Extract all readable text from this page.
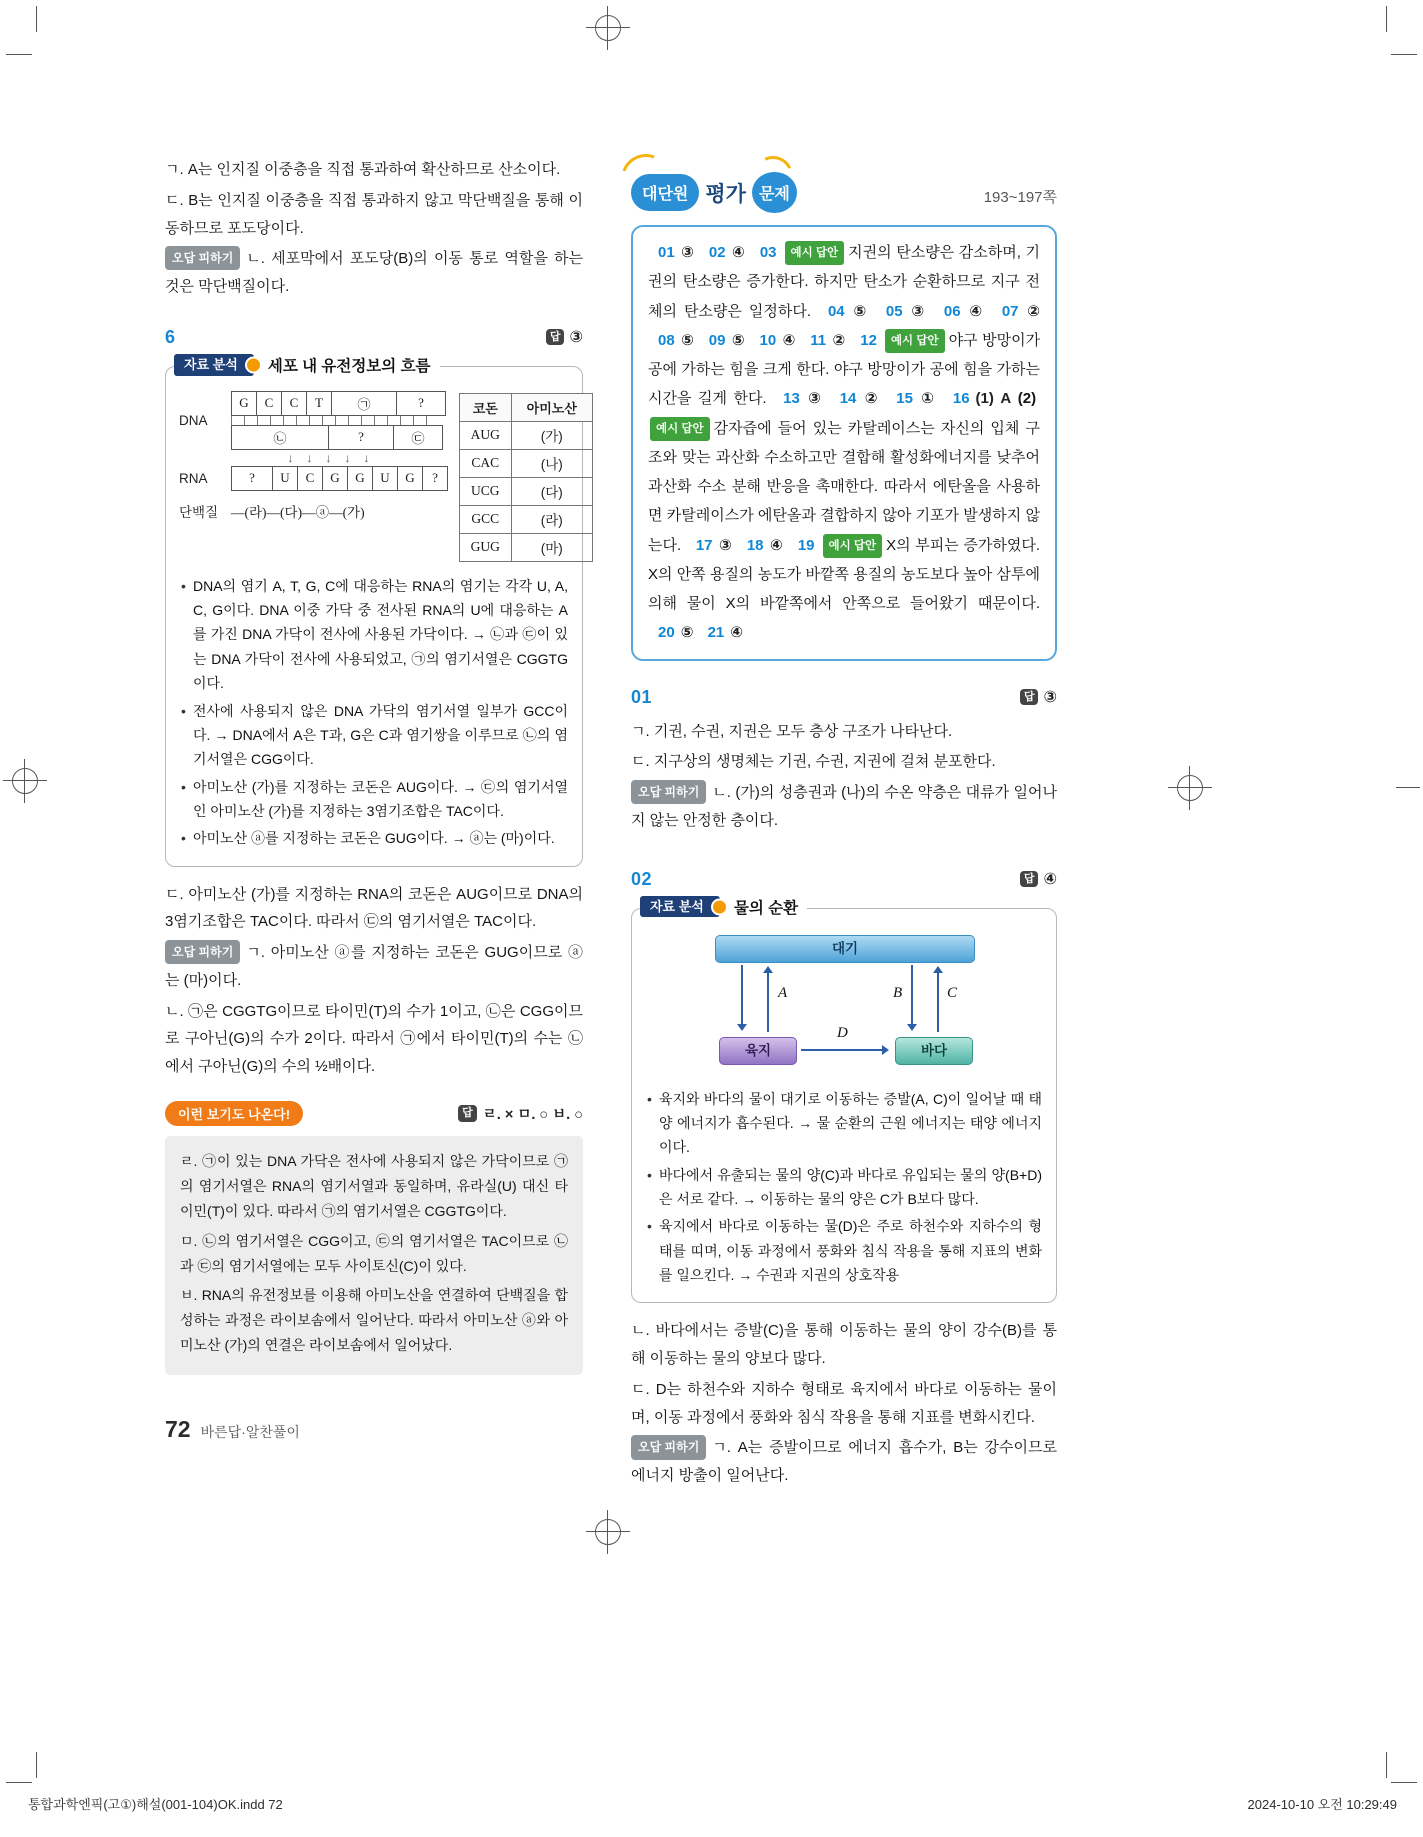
ㄱ. A는 인지질 이중층을 직접 통과하여 확산하므로 산소이다.

ㄷ. B는 인지질 이중층을 직접 통과하지 않고 막단백질을 통해 이동하므로 포도당이다.

오답 피하기 ㄴ. 세포막에서 포도당(B)의 이동 통로 역할을 하는 것은 막단백질이다.

6	답 ③
자료 분석	세포 내 유전정보의 흐름
DNA
G	C	C	T	㉠	?
㉡	?	㉢
↓↓↓↓↓
RNA	?	U	C	G	G	U	G	?
단백질 —(라)—(다)—ⓐ—(가)
코돈	아미노산
AUG	(가)
CAC	(나)
UCG	(다)
GCC	(라)
GUG	(마)
• DNA의 염기 A, T, G, C에 대응하는 RNA의 염기는 각각 U, A, C, G이다. DNA 이중 가닥 중 전사된 RNA의 U에 대응하는 A를 가진 DNA 가닥이 전사에 사용된 가닥이다. → ㉡과 ㉢이 있는 DNA 가닥이 전사에 사용되었고, ㉠의 염기서열은 CGGTG이다.
• 전사에 사용되지 않은 DNA 가닥의 염기서열 일부가 GCC이다. → DNA에서 A은 T과, G은 C과 염기쌍을 이루므로 ㉡의 염기서열은 CGG이다.
• 아미노산 (가)를 지정하는 코돈은 AUG이다. → ㉢의 염기서열인 아미노산 (가)를 지정하는 3염기조합은 TAC이다.
• 아미노산 ⓐ를 지정하는 코돈은 GUG이다. → ⓐ는 (마)이다.

ㄷ. 아미노산 (가)를 지정하는 RNA의 코돈은 AUG이므로 DNA의 3염기조합은 TAC이다. 따라서 ㉢의 염기서열은 TAC이다.

오답 피하기 ㄱ. 아미노산 ⓐ를 지정하는 코돈은 GUG이므로 ⓐ는 (마)이다.

ㄴ. ㉠은 CGGTG이므로 타이민(T)의 수가 1이고, ㉡은 CGG이므로 구아닌(G)의 수가 2이다. 따라서 ㉠에서 타이민(T)의 수는 ㉡에서 구아닌(G)의 수의 ½배이다.

이런 보기도 나온다!	답 ㄹ. × ㅁ. ○ ㅂ. ○

ㄹ. ㉠이 있는 DNA 가닥은 전사에 사용되지 않은 가닥이므로 ㉠의 염기서열은 RNA의 염기서열과 동일하며, 유라실(U) 대신 타이민(T)이 있다. 따라서 ㉠의 염기서열은 CGGTG이다.

ㅁ. ㉡의 염기서열은 CGG이고, ㉢의 염기서열은 TAC이므로 ㉡과 ㉢의 염기서열에는 모두 사이토신(C)이 있다.

ㅂ. RNA의 유전정보를 이용해 아미노산을 연결하여 단백질을 합성하는 과정은 라이보솜에서 일어난다. 따라서 아미노산 ⓐ와 아미노산 (가)의 연결은 라이보솜에서 일어났다.

대단원 평가 문제	193~197쪽
01 ③ 02 ④ 03 예시 답안 지권의 탄소량은 감소하며, 기권의 탄소량은 증가한다. 하지만 탄소가 순환하므로 지구 전체의 탄소량은 일정하다. 04 ⑤ 05 ③ 06 ④ 07 ② 08 ⑤ 09 ⑤ 10 ④ 11 ② 12 예시 답안 야구 방망이가 공에 가하는 힘을 크게 한다. 야구 방망이가 공에 힘을 가하는 시간을 길게 한다. 13 ③ 14 ② 15 ① 16 (1) A (2)예시 답안 감자즙에 들어 있는 카탈레이스는 자신의 입체 구조와 맞는 과산화 수소하고만 결합해 활성화에너지를 낮추어 과산화 수소 분해 반응을 촉매한다. 따라서 에탄올을 사용하면 카탈레이스가 에탄올과 결합하지 않아 기포가 발생하지 않는다. 17 ③ 18 ④ 19 예시 답안 X의 부피는 증가하였다. X의 안쪽 용질의 농도가 바깥쪽 용질의 농도보다 높아 삼투에 의해 물이 X의 바깥쪽에서 안쪽으로 들어왔기 때문이다. 20 ⑤ 21 ④
01	답 ③

ㄱ. 기권, 수권, 지권은 모두 층상 구조가 나타난다.

ㄷ. 지구상의 생명체는 기권, 수권, 지권에 걸쳐 분포한다.

오답 피하기 ㄴ. (가)의 성층권과 (나)의 수온 약층은 대류가 일어나지 않는 안정한 층이다.

02	답 ④
자료 분석	물의 순환
대기
A	B	C
육지	바다
D
• 육지와 바다의 물이 대기로 이동하는 증발(A, C)이 일어날 때 태양 에너지가 흡수된다. → 물 순환의 근원 에너지는 태양 에너지이다.
• 바다에서 유출되는 물의 양(C)과 바다로 유입되는 물의 양(B+D)은 서로 같다. → 이동하는 물의 양은 C가 B보다 많다.
• 육지에서 바다로 이동하는 물(D)은 주로 하천수와 지하수의 형태를 띠며, 이동 과정에서 풍화와 침식 작용을 통해 지표의 변화를 일으킨다. → 수권과 지권의 상호작용

ㄴ. 바다에서는 증발(C)을 통해 이동하는 물의 양이 강수(B)를 통해 이동하는 물의 양보다 많다.

ㄷ. D는 하천수와 지하수 형태로 육지에서 바다로 이동하는 물이며, 이동 과정에서 풍화와 침식 작용을 통해 지표를 변화시킨다.

오답 피하기 ㄱ. A는 증발이므로 에너지 흡수가, B는 강수이므로 에너지 방출이 일어난다.

72 바른답·알찬풀이
통합과학엔픽(고①)해설(001-104)OK.indd 72	2024-10-10 오전 10:29:49
